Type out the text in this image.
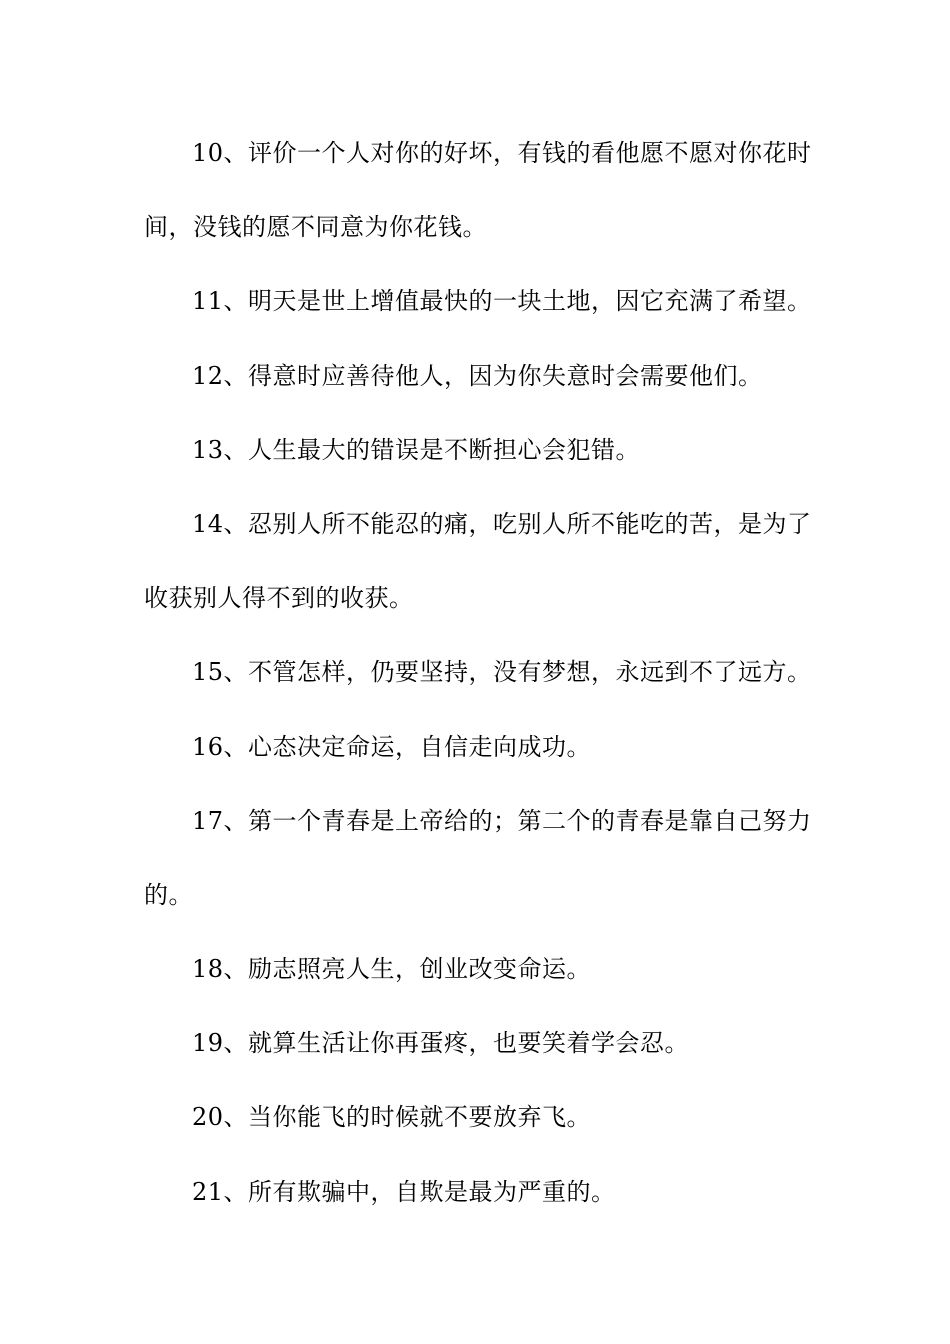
10、评价一个人对你的好坏，有钱的看他愿不愿对你花时
间，没钱的愿不同意为你花钱。
11、明天是世上增值最快的一块土地，因它充满了希望。
12、得意时应善待他人，因为你失意时会需要他们。
13、人生最大的错误是不断担心会犯错。
14、忍别人所不能忍的痛，吃别人所不能吃的苦，是为了
收获别人得不到的收获。
15、不管怎样，仍要坚持，没有梦想，永远到不了远方。
16、心态决定命运，自信走向成功。
17、第一个青春是上帝给的；第二个的青春是靠自己努力
的。
18、励志照亮人生，创业改变命运。
19、就算生活让你再蛋疼，也要笑着学会忍。
20、当你能飞的时候就不要放弃飞。
21、所有欺骗中，自欺是最为严重的。
